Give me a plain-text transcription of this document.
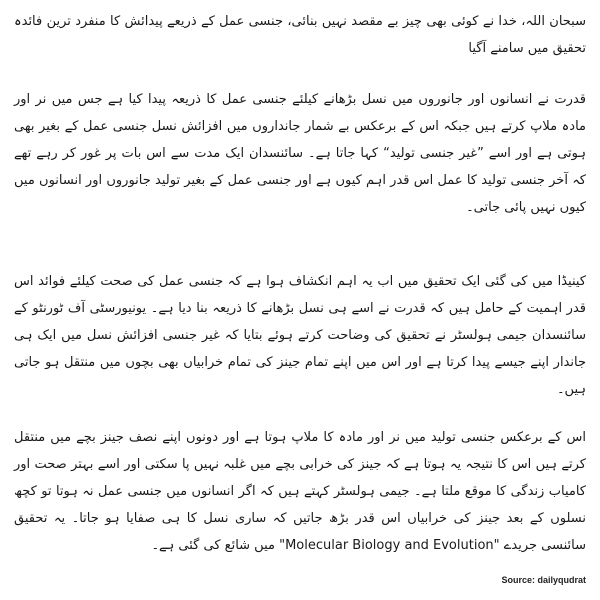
سبحان اللہ، خدا نے کوئی بھی چیز بے مقصد نہیں بنائی، جنسی عمل کے ذریعے پیدائش کا منفرد ترین فائدہ تحقیق میں سامنے آگیا

قدرت نے انسانوں اور جانوروں میں نسل بڑھانے کیلئے جنسی عمل کا ذریعہ پیدا کیا ہے جس میں نر اور مادہ ملاپ کرتے ہیں جبکہ اس کے برعکس بے شمار جانداروں میں افزائش نسل جنسی عمل کے بغیر بھی ہوتی ہے اور اسے ”غیر جنسی تولید“ کہا جاتا ہے۔ سائنسدان ایک مدت سے اس بات پر غور کر رہے تھے کہ آخر جنسی تولید کا عمل اس قدر اہم کیوں ہے اور جنسی عمل کے بغیر تولید جانوروں اور انسانوں میں کیوں نہیں پائی جاتی۔

کینیڈا میں کی گئی ایک تحقیق میں اب یہ اہم انکشاف ہوا ہے کہ جنسی عمل کی صحت کیلئے فوائد اس قدر اہمیت کے حامل ہیں کہ قدرت نے اسے ہی نسل بڑھانے کا ذریعہ بنا دیا ہے۔ یونیورسٹی آف ٹورنٹو کے سائنسدان جیمی ہولسٹر نے تحقیق کی وضاحت کرتے ہوئے بتایا کہ غیر جنسی افزائش نسل میں ایک ہی جاندار اپنے جیسے پیدا کرتا ہے اور اس میں اپنے تمام جینز کی تمام خرابیاں بھی بچوں میں منتقل ہو جاتی ہیں۔

اس کے برعکس جنسی تولید میں نر اور مادہ کا ملاپ ہوتا ہے اور دونوں اپنے نصف جینز بچے میں منتقل کرتے ہیں اس کا نتیجہ یہ ہوتا ہے کہ جینز کی خرابی بچے میں غلبہ نہیں پا سکتی اور اسے بہتر صحت اور کامیاب زندگی کا موقع ملتا ہے۔ جیمی ہولسٹر کہتے ہیں کہ اگر انسانوں میں جنسی عمل نہ ہوتا تو کچھ نسلوں کے بعد جینز کی خرابیاں اس قدر بڑھ جاتیں کہ ساری نسل کا ہی صفایا ہو جاتا۔ یہ تحقیق سائنسی جریدے "Molecular Biology and Evolution" میں شائع کی گئی ہے۔

Source: dailyqudrat
